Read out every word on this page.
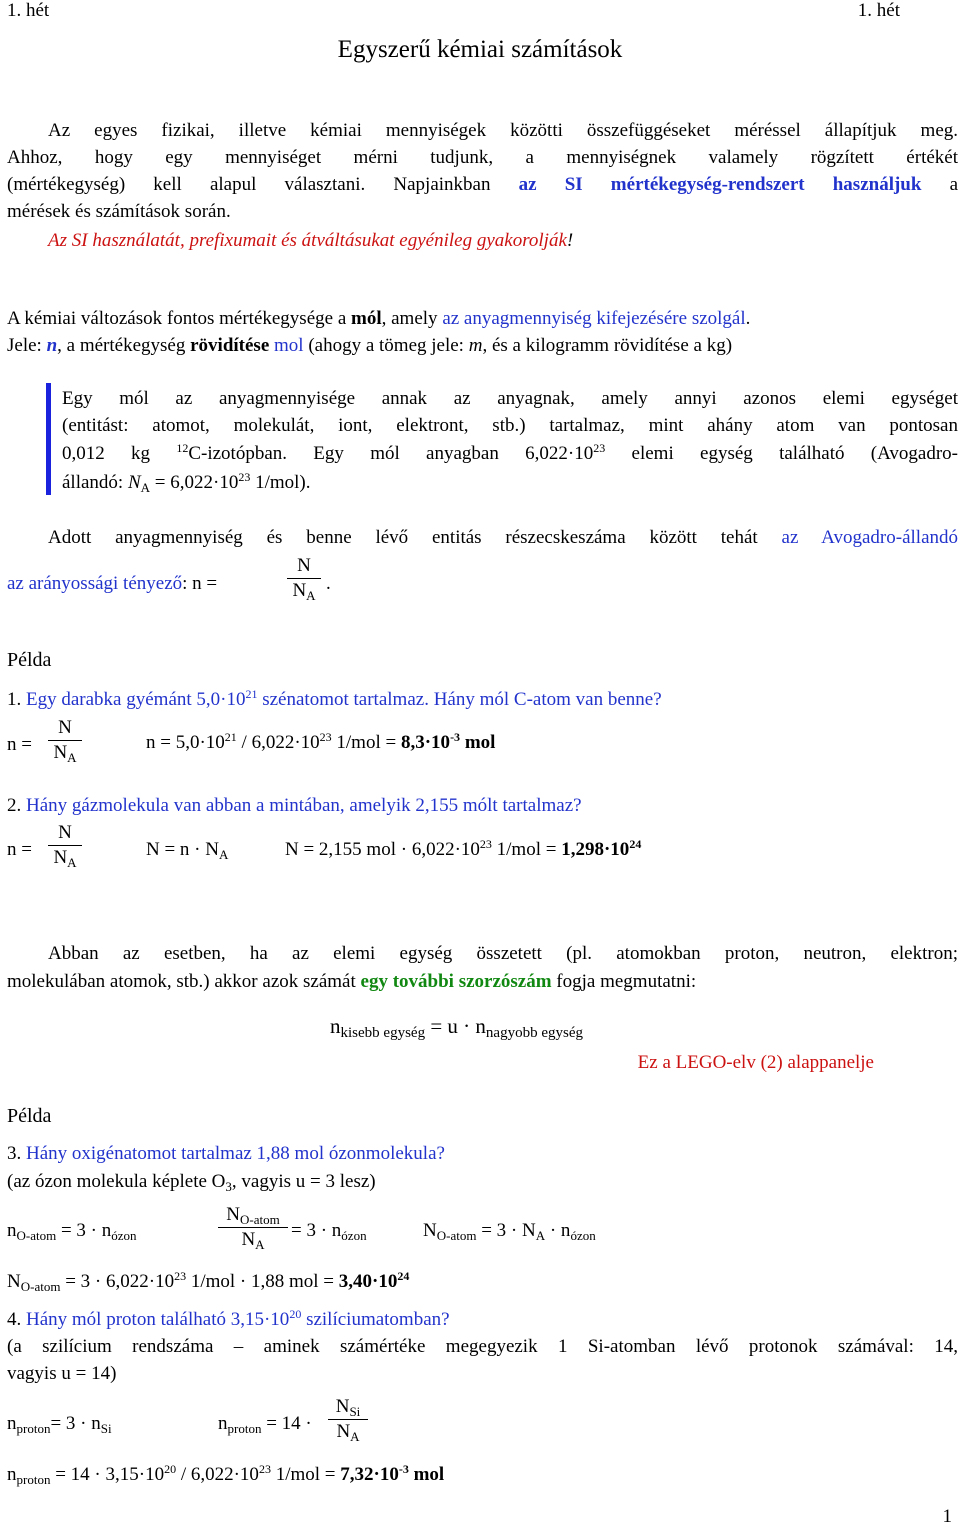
1. hét	1. hét
Egyszerű kémiai számítások
Az egyes fizikai, illetve kémiai mennyiségek közötti összefüggéseket méréssel állapítjuk meg.
Ahhoz, hogy egy mennyiséget mérni tudjunk, a mennyiségnek valamely rögzített értékét
(mértékegység) kell alapul választani. Napjainkban az SI mértékegység-rendszert használjuk a
mérések és számítások során.
Az SI használatát, prefixumait és átváltásukat egyénileg gyakorolják!
A kémiai változások fontos mértékegysége a mól, amely az anyagmennyiség kifejezésére szolgál.
Jele: n, a mértékegység rövidítése mol (ahogy a tömeg jele: m, és a kilogramm rövidítése a kg)
Egy mól az anyagmennyisége annak az anyagnak, amely annyi azonos elemi egységet
(entitást: atomot, molekulát, iont, elektront, stb.) tartalmaz, mint ahány atom van pontosan
0,012 kg $^{12}$C-izotópban. Egy mól anyagban $6,022\cdot 10^{23}$ elemi egység található (Avogadro-
állandó: $N_A = 6,022\cdot 10^{23}$ 1/mol).
Adott anyagmennyiség és benne lévő entitás részecskeszáma között tehát az Avogadro-állandó
az arányossági tényező: n =	$\frac{N}{N_A}$ .
Példa
1. Egy darabka gyémánt $5,0\cdot 10^{21}$ szénatomot tartalmaz. Hány mól C-atom van benne?
$n = \frac{N}{N_A}$	$n = 5,0\cdot 10^{21} / 6,022\cdot 10^{23}$ $1/mol = 8,3\cdot 10^{-3}$ mol
2. Hány gázmolekula van abban a mintában, amelyik 2,155 mólt tartalmaz?
$n = \frac{N}{N_A}$	$N = n \cdot N_A$	N = 2,155 mol · $6,022\cdot 10^{23}$ $1/mol = 1,298\cdot 10^{24}$
Abban az esetben, ha az elemi egység összetett (pl. atomokban proton, neutron, elektron;
molekulában atomok, stb.) akkor azok számát egy további szorzószám fogja megmutatni:
$n_{kisebb egység} = u \cdot n_{nagyobb egység}$
Ez a LEGO-elv (2) alappanelje
Példa
3. Hány oxigénatomot tartalmaz 1,88 mol ózonmolekula?
(az ózon molekula képlete $O_3$, vagyis u = 3 lesz)
$n_{O-atom} = 3 \cdot n_{ózon}$
$N_{O-atom}$
$N_A$
= $3 \cdot n_{ózon}$	$N_{O-atom} = 3 \cdot N_A \cdot n_{ózon}$
$N_{O-atom} = 3 \cdot 6,022\cdot 10^{23}$ 1/mol · 1,88 mol = $3,40\cdot 10^{24}$
4. Hány mól proton található $3,15\cdot 10^{20}$ szilíciumatomban?
(a szilícium rendszáma – aminek számértéke megegyezik 1 Si-atomban lévő protonok számával: 14,
vagyis u = 14)
$n_{proton}= 3 \cdot n_{Si}$	$n_{proton} = 14$ ·
$N_{Si}$
$N_A$
$n_{proton} = 14 \cdot 3,15\cdot 10^{20} / 6,022\cdot 10^{23}$ $1/mol = 7,32\cdot 10^{-3}$ mol
1
